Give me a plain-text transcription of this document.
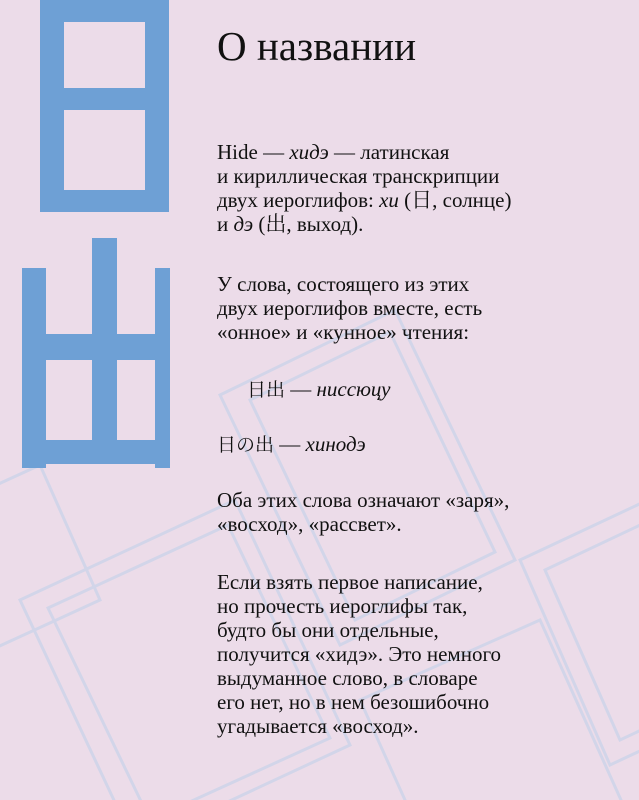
О названии

Hide — хидэ — латинская
и кириллическая транскрипции
двух иероглифов: хи (日, солнце)
и дэ (出, выход).

У слова, состоящего из этих
двух иероглифов вместе, есть
«онное» и «кунное» чтения:

日出 — ниссюцу

日の出 — хинодэ

Оба этих слова означают «заря»,
«восход», «рассвет».

Если взять первое написание,
но прочесть иероглифы так,
будто бы они отдельные,
получится «хидэ». Это немного
выдуманное слово, в словаре
его нет, но в нем безошибочно
угадывается «восход».
